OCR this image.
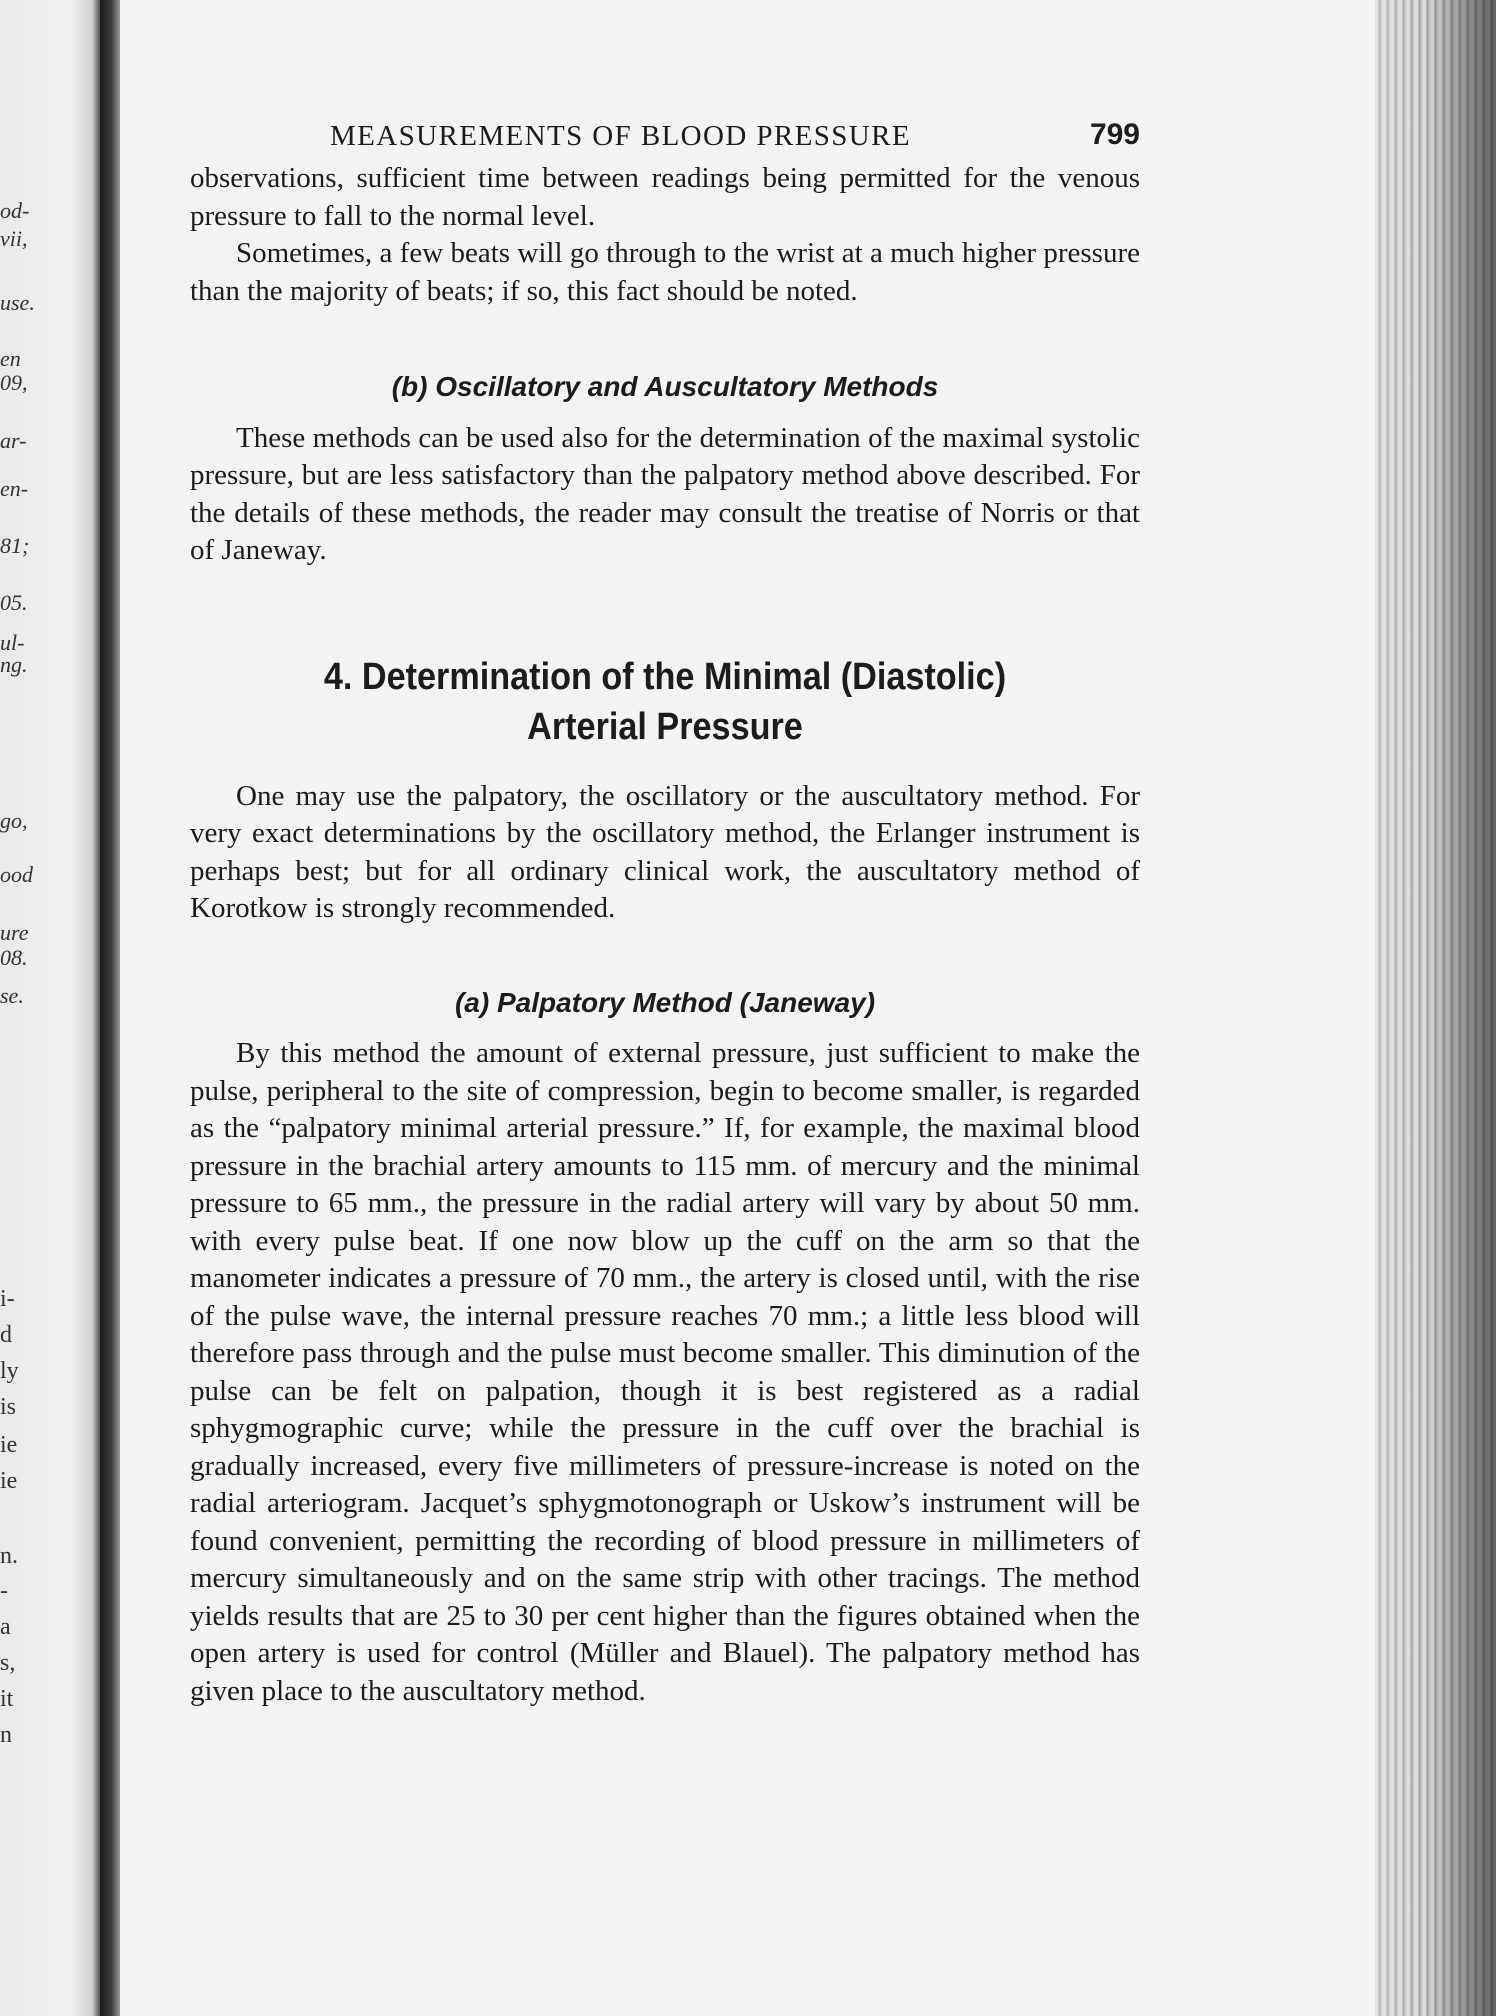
od-
vii,
use.
en
09,
ar-
en-
81;
05.
ul-
ng.
go,
ood
ure
08.
se.
i-
d
ly
is
ie
ie
n.
-
a
s,
it
n
MEASUREMENTS OF BLOOD PRESSURE	799

observations, sufficient time between readings being permitted for the venous pressure to fall to the normal level.

Sometimes, a few beats will go through to the wrist at a much higher pressure than the majority of beats; if so, this fact should be noted.

(b) Oscillatory and Auscultatory Methods

These methods can be used also for the determination of the maximal systolic pressure, but are less satisfactory than the palpatory method above described. For the details of these methods, the reader may consult the treatise of Norris or that of Janeway.

4. Determination of the Minimal (Diastolic)
Arterial Pressure

One may use the palpatory, the oscillatory or the auscultatory method. For very exact determinations by the oscillatory method, the Erlanger instrument is perhaps best; but for all ordinary clinical work, the auscultatory method of Korotkow is strongly recommended.

(a) Palpatory Method (Janeway)

By this method the amount of external pressure, just sufficient to make the pulse, peripheral to the site of compression, begin to become smaller, is regarded as the “palpatory minimal arterial pressure.” If, for example, the maximal blood pressure in the brachial artery amounts to 115 mm. of mercury and the minimal pressure to 65 mm., the pressure in the radial artery will vary by about 50 mm. with every pulse beat. If one now blow up the cuff on the arm so that the manometer indicates a pressure of 70 mm., the artery is closed until, with the rise of the pulse wave, the internal pressure reaches 70 mm.; a little less blood will therefore pass through and the pulse must become smaller. This diminution of the pulse can be felt on palpation, though it is best registered as a radial sphygmographic curve; while the pressure in the cuff over the brachial is gradually increased, every five millimeters of pressure-increase is noted on the radial arteriogram. Jacquet’s sphygmotonograph or Uskow’s instrument will be found convenient, permitting the recording of blood pressure in millimeters of mercury simultaneously and on the same strip with other tracings. The method yields results that are 25 to 30 per cent higher than the figures obtained when the open artery is used for control (Müller and Blauel). The palpatory method has given place to the auscultatory method.
